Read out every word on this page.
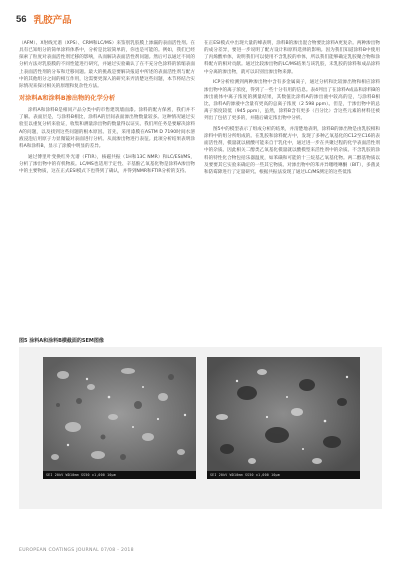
56 乳胶产品

（AFM）、X射线光谱（XPS）、CRM和LC/MS）来鉴别乳胶膜上渗漏的表面活性剂。在具有已知组分的简单涂料体系中，分析是比较简单的，你也是可能的。例如，我们已经探索了粒度对表面活性剂迁移的影响，从而解决表面活性剂问题。然后可以通过不同的分析方法对乳胶膜的不同性能进行研究，并通过实验确认了在不充分色涂料的浓缩表面上表面活性剂的分布和迁移问题。最大的挑战是要解决报道中所述的表面活性剂与配方中的其他组分之间的相互作用，这需要更深入的研究来弄清楚这些问题，本节将结合实际情况来探讨相关的原理和复杂性方法。

对涂料A和涂料B渗出物的化学分析

涂料A和涂料B是相同产品分类中的市售建筑墙面漆。涂料的配方保密，我们并不了解。表面层是，与涂料B相比，涂料A的层间表面渗出物数量较多。这种情况通过实验室以重复分析来验证，收集和测量涂出物的数量得以证实。我们所任务是要解决涂料A的问题，以及找到这些问题的根本原因。首先，采用漆膜在ASTM D 7190时间水溶液浸泡后用原子力显微镜对表面进行分析。从而渗出物进行表征。此项分析结果表明涂料A和涂料B，显示了涂膜中明显的差异。

通过傅里叶变换红外光谱（FTIR），核磁共振（1H和13C NMR）和LC/ESI/MS，分析了渗出物中的有机物质。LC/MS也适用于定性、辛基酚乙氧基化物是涂料A渗出物中的主要物质，这在正式ESI模式下也得到了确认，并得到NMR和FTIR分析的支持。

在正ESI模式中出现大量的峰表明，涂料B的渗出混合物要比涂料A更复杂。两种渗出物的成分差异，要进一步说明了配方设计和原料选择的影响。因为我们知道涂料B中使用了丙烯酸单体，说明我们可以使用不含乳胶的单体，所以我们能够确定乳胶聚合物和涂料配方的相对贡献。通过比较渗出物的LC/MS结果与该乳胶，未乳胶的涂料和成品涂料中分离的渗出物，就可以识别出渗出物来源。

ICP分析检测到两种渗出物中含有多金属离子，通过分析和比较渗出物和相应涂料渗出物中的离子浓度，得到了一些十分有用的信息。表4列出了在涂料A成品和涂料B的渗出液体中离子浓度的测量结果，其数值比涂料A的渗出液中较高的是，与涂料B相比，涂料A的渗液中含量有更高的总离子浓度（2 598 ppm）。但是，于渗出物中的总离子浓度较低（945 ppm），虽然，涂料B含有更多（百分比）含这些元素的材料还被列出了包括了更多的，并随后确定浓出物中分析。

图5中的模型表示了组成分析的结果，并清楚地表明，涂料B的渗出物是由乳胶相和涂料中的组分所组成的。在乳胶和涂料配方中，发现了多种乙氧基化的C12至C16的表面活性剂，模量就以极酸可能来自于乳化中，通过进一步在共聚过程的化学表面活性剂中的杂质。因此相关二醇类乙氧基化模量就以酸模型来活性剂中的杂质。不含乳胶的涂料的特性化合物包括乐器温度，如苯磺和可能的十三烷基乙氧基化物。两二醇基物质以及要要其它实验来确定的一些其它物质。对渗出物中的苯并异噻唑啉酮（BIT），多菌灵和防霉降进行了定量研究。根据共振法发现了通过LC/MS测定的这些低浓

图5 涂料A和涂料B横截面的SEM图像
SEI 20kV WD10mm SS50 x1,000 10μm	SEI 20kV WD10mm SS50 x1,000 10μm
EUROPEAN COATINGS JOURNAL 07/08 - 2018
